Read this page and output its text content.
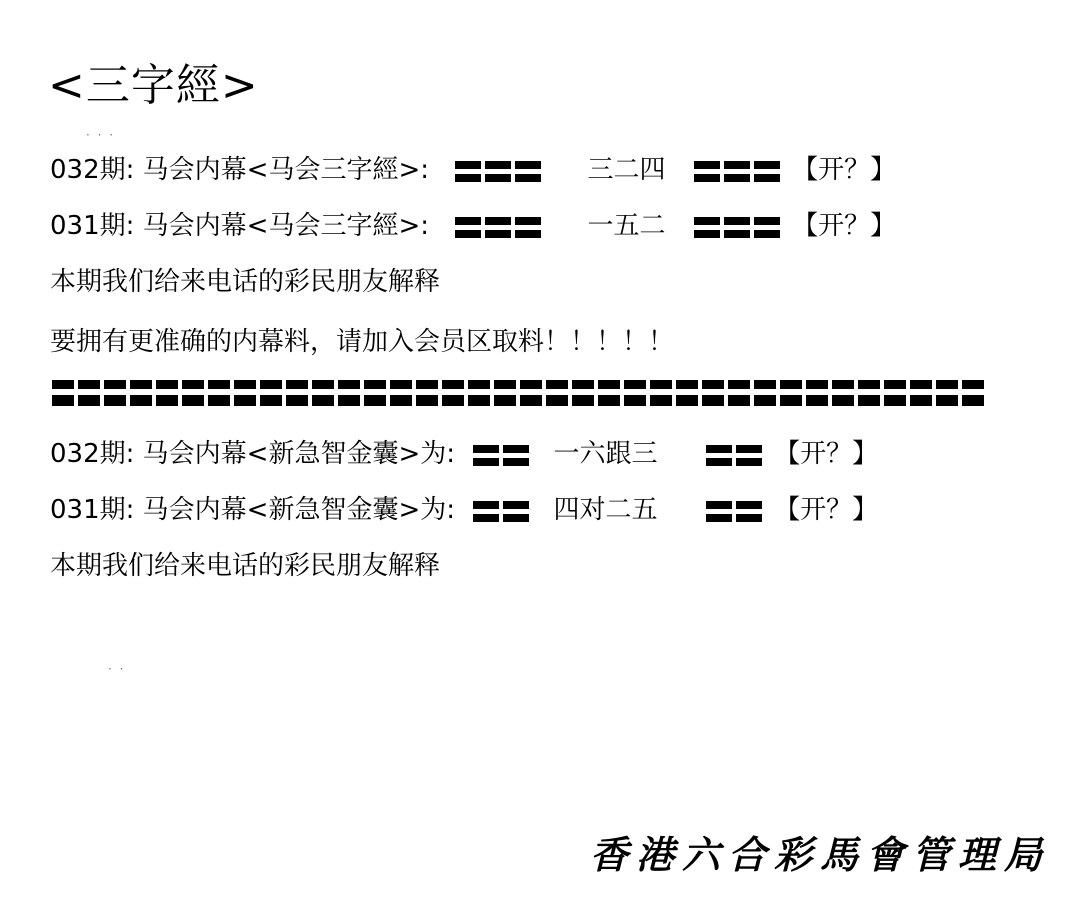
<三字經>
· · ·
032期: 马会内幕<马会三字經>:	三二四	【开？】
031期: 马会内幕<马会三字經>:	一五二	【开？】
本期我们给来电话的彩民朋友解释
要拥有更准确的内幕料，请加入会员区取料！！！！！
032期: 马会内幕<新急智金囊>为:	一六跟三	【开？】
031期: 马会内幕<新急智金囊>为:	四对二五	【开？】
本期我们给来电话的彩民朋友解释
· ·
香港六合彩馬會管理局
